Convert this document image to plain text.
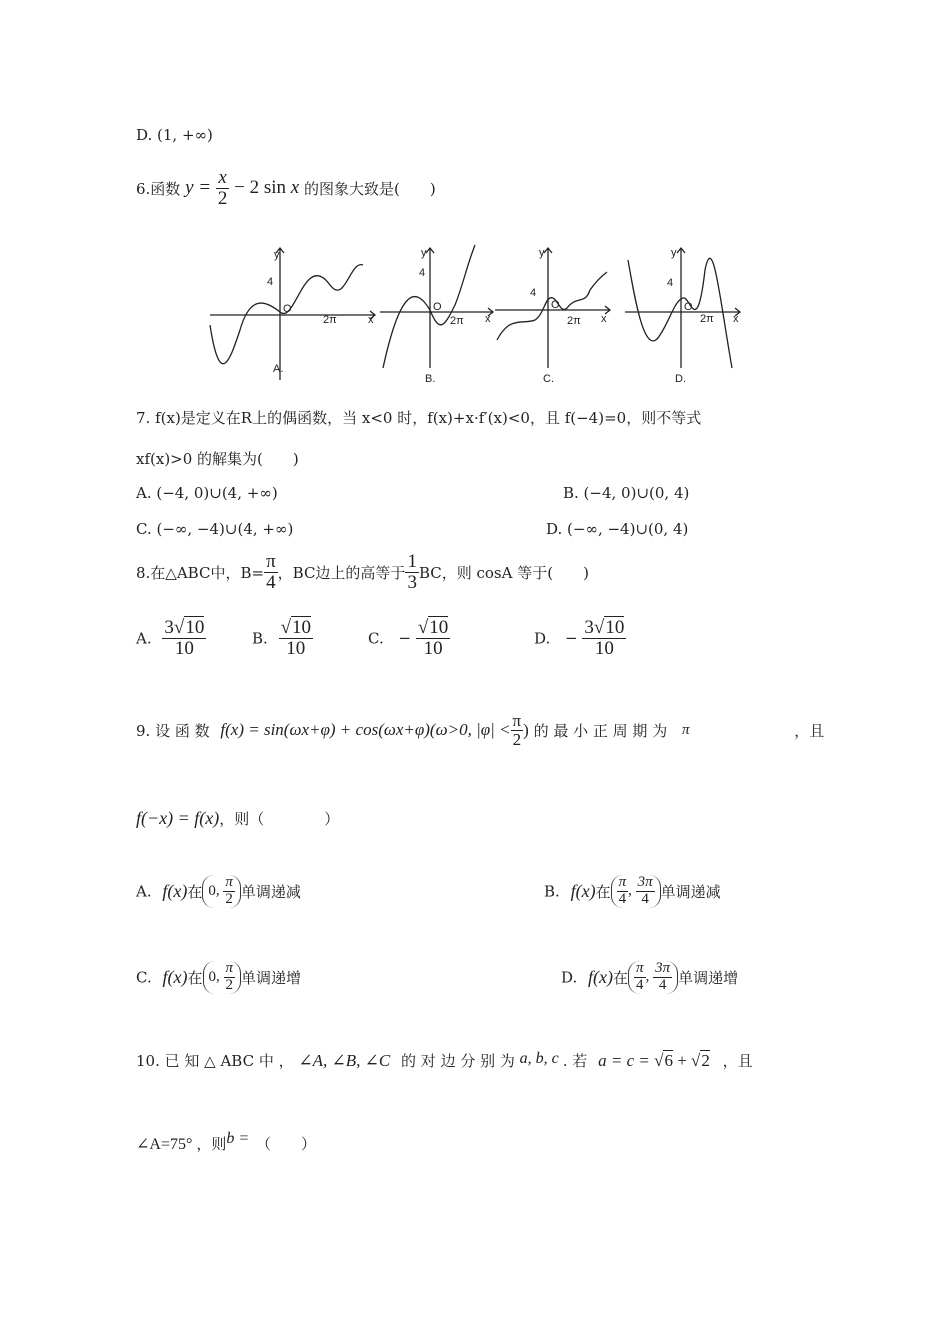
D. (1, +∞)
6.函数 $y = \frac{x}{2} - 2$ sin x 的图象大致是(　　)
4
O
2π	x
y
A.
4
O
2π x
y
B.
4
O
2π x
y
C.
4
O
2π x
y
D.
7. f(x)是定义在R上的偶函数，当 x<0 时，f(x)+x·f′(x)<0，且 f(−4)=0，则不等式
xf(x)>0 的解集为(　　)
A. (−4, 0)∪(4, +∞)	B. (−4, 0)∪(0, 4)
C. (−∞, −4)∪(4, +∞)	D. (−∞, −4)∪(0, 4)
8.在△ABC中，$B= \frac{\pi}{4}$ ，BC边上的高等于 $\frac{1}{3}$ BC，则 cosA 等于(　　)
A. $\frac{3√10}{10}$	B. $\frac{√10}{10}$	C. − $\frac{√10}{10}$	D. − $\frac{3√10}{10}$
9. 设 函 数 f(x) = sin(ωx+φ) + cos(ωx+φ)(ω>0, $|\varphi| < \frac{\pi}{2}$ ) 的 最 小 正 周 期 为 π	，且
f(−x) = f(x)，则（　　　　）
A. f(x)在 0, $\frac{\pi}{2}$ 单调递减	B. f(x)在 $\frac{\pi}{4}$ , $\frac{3\pi}{4}$ 单调递减
C. f(x)在 0, $\frac{\pi}{2}$ 单调递增	D. f(x)在 $\frac{\pi}{4}$ , $\frac{3\pi}{4}$ 单调递增
10. 已 知 △ ABC 中 ， ∠A, ∠B, ∠C 的 对 边 分 别 为 a, b, c . 若 a = c = √6 + √2 ，且
∠A=75° ，则b = （　　）
